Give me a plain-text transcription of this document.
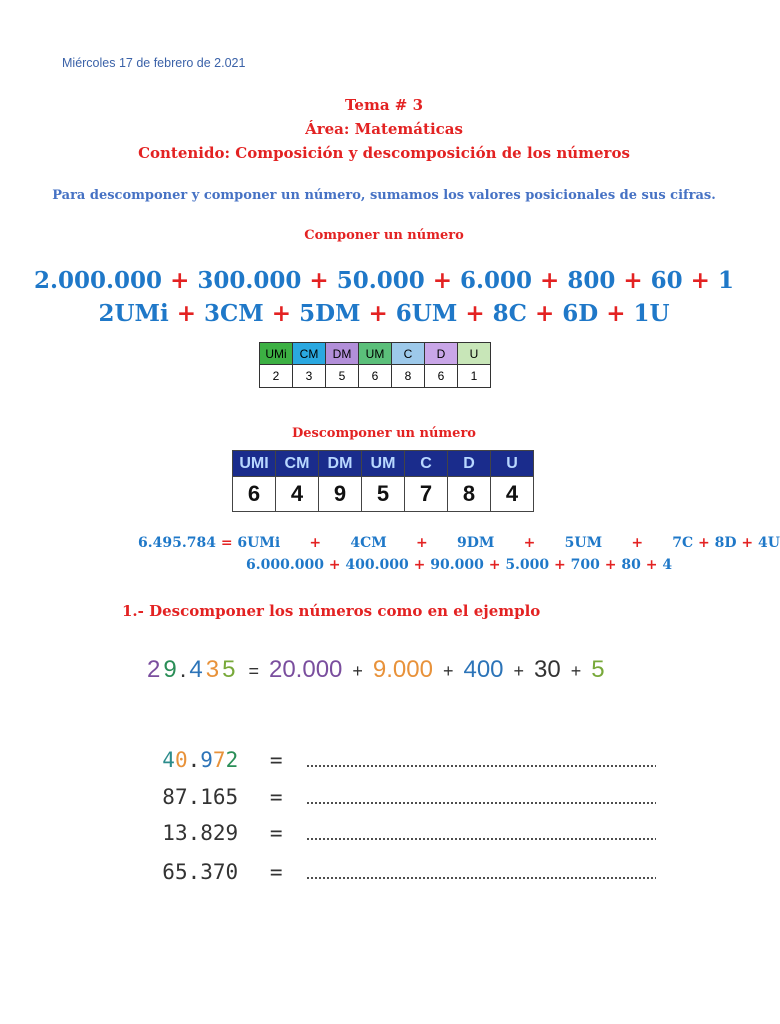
Miércoles 17 de febrero de 2.021
Tema # 3
Área: Matemáticas
Contenido: Composición y descomposición de los números
Para descomponer y componer un número, sumamos los valores posicionales de sus cifras.
Componer un número
2.000.000 + 300.000 + 50.000 + 6.000 + 800 + 60 + 1
2UMi + 3CM + 5DM + 6UM + 8C + 6D + 1U
UMi	CM	DM	UM	C	D	U
2	3	5	6	8	6	1
Descomponer un número
UMI	CM	DM	UM	C	D	U
6	4	9	5	7	8	4
6.495.784 = 6UMi      +      4CM      +      9DM      +      5UM      +      7C + 8D + 4U
6.000.000 + 400.000 + 90.000 + 5.000 + 700 + 80 + 4
1.- Descomponer los números como en el ejemplo
29.435  =  20.000  +  9.000  +  400  +  30  +  5

40.972 =

87.165 =

13.829 =

65.370 =
